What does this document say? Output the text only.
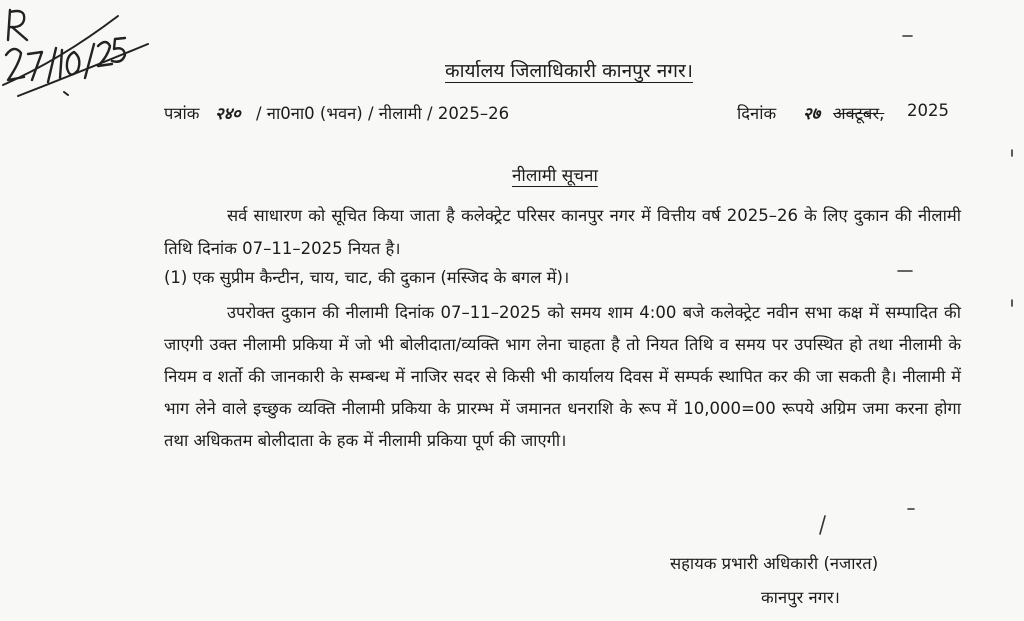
कार्यालय जिलाधिकारी कानपुर नगर।
पत्रांक २४० / ना0ना0 (भवन) / नीलामी / 2025–26	दिनांक २७ अक्टूबर, 2025
नीलामी सूचना
सर्व साधारण को सूचित किया जाता है कलेक्ट्रेट परिसर कानपुर नगर में वित्तीय वर्ष 2025–26 के लिए दुकान की नीलामी तिथि दिनांक 07–11–2025 नियत है।
(1) एक सुप्रीम कैन्टीन, चाय, चाट, की दुकान (मस्जिद के बगल में)।
उपरोक्त दुकान की नीलामी दिनांक 07–11–2025 को समय शाम 4:00 बजे कलेक्ट्रेट नवीन सभा कक्ष में सम्पादित की जाएगी उक्त नीलामी प्रकिया में जो भी बोलीदाता/व्यक्ति भाग लेना चाहता है तो नियत तिथि व समय पर उपस्थित हो तथा नीलामी के नियम व शर्तो की जानकारी के सम्बन्ध में नाजिर सदर से किसी भी कार्यालय दिवस में सम्पर्क स्थापित कर की जा सकती है। नीलामी में भाग लेने वाले इच्छुक व्यक्ति नीलामी प्रकिया के प्रारम्भ में जमानत धनराशि के रूप में 10,000=00 रूपये अग्रिम जमा करना होगा तथा अधिकतम बोलीदाता के हक में नीलामी प्रकिया पूर्ण की जाएगी।
सहायक प्रभारी अधिकारी (नजारत)
कानपुर नगर।
